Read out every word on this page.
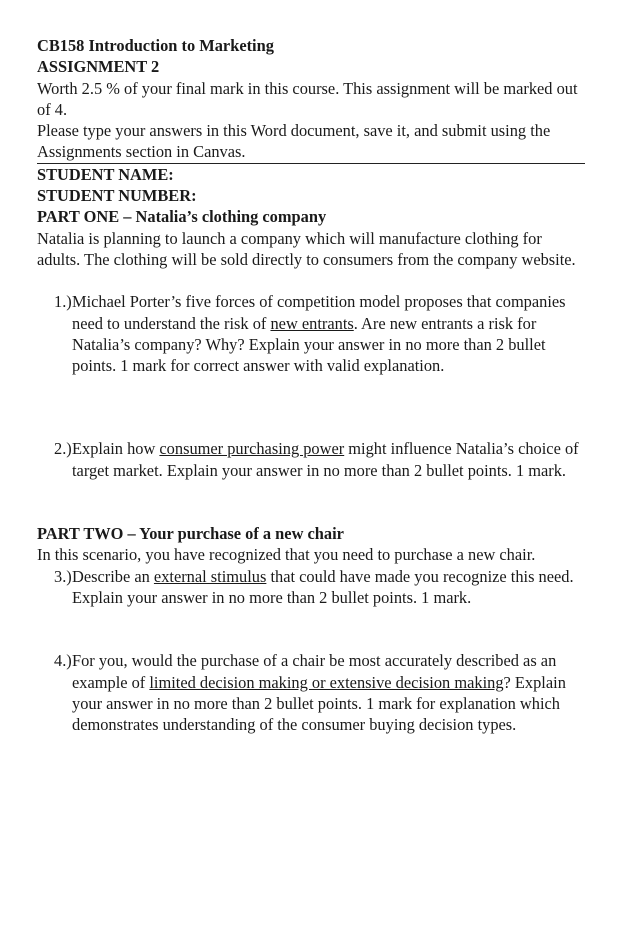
CB158 Introduction to Marketing

ASSIGNMENT 2

Worth 2.5 % of your final mark in this course. This assignment will be marked out of 4.

Please type your answers in this Word document, save it, and submit using the Assignments section in Canvas.

STUDENT NAME:

STUDENT NUMBER:

PART ONE – Natalia’s clothing company

Natalia is planning to launch a company which will manufacture clothing for adults. The clothing will be sold directly to consumers from the company website.

1.) Michael Porter’s five forces of competition model proposes that companies need to understand the risk of new entrants. Are new entrants a risk for Natalia’s company? Why? Explain your answer in no more than 2 bullet points. 1 mark for correct answer with valid explanation.

2.) Explain how consumer purchasing power might influence Natalia’s choice of target market. Explain your answer in no more than 2 bullet points. 1 mark.

PART TWO – Your purchase of a new chair

In this scenario, you have recognized that you need to purchase a new chair.

3.) Describe an external stimulus that could have made you recognize this need. Explain your answer in no more than 2 bullet points. 1 mark.

4.) For you, would the purchase of a chair be most accurately described as an example of limited decision making or extensive decision making? Explain your answer in no more than 2 bullet points. 1 mark for explanation which demonstrates understanding of the consumer buying decision types.
